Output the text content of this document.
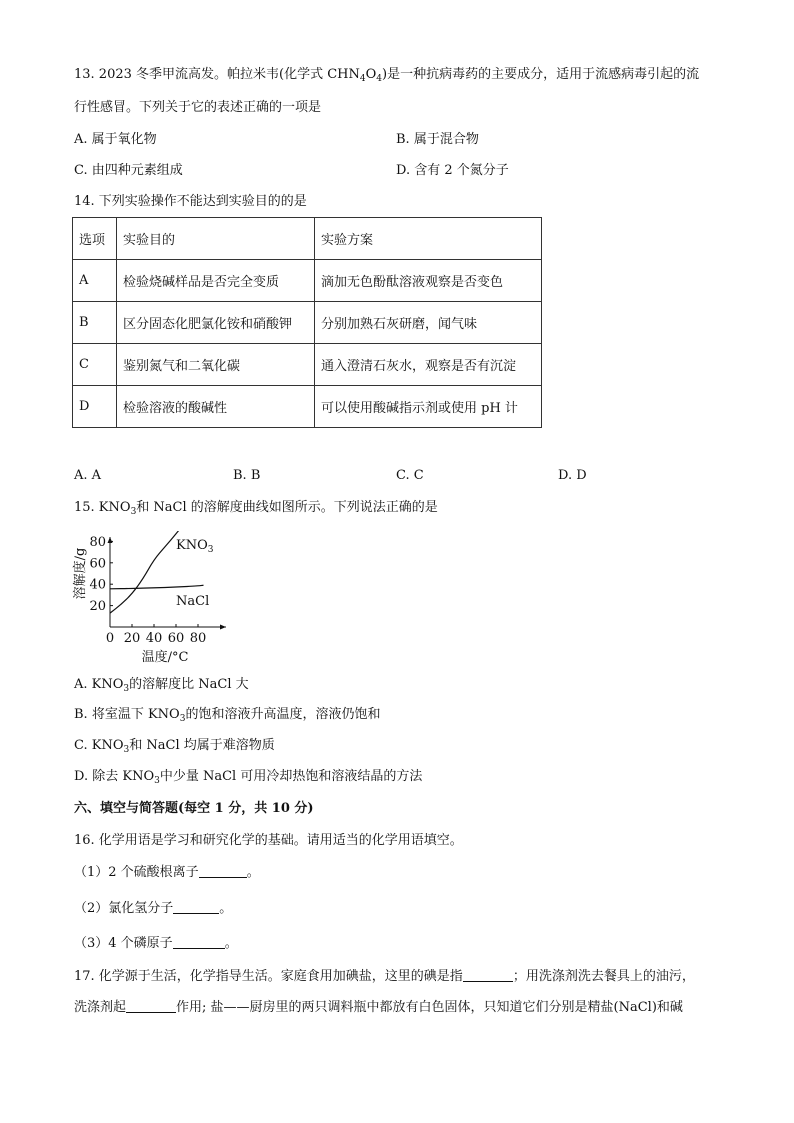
13. 2023 冬季甲流高发。帕拉米韦(化学式 $CHN_4O_4$)是一种抗病毒药的主要成分，适用于流感病毒引起的流
行性感冒。下列关于它的表述正确的一项是
A. 属于氧化物	B. 属于混合物
C. 由四种元素组成	D. 含有 2 个氮分子
14. 下列实验操作不能达到实验目的的是
选项	实验目的	实验方案
A	检验烧碱样品是否完全变质	滴加无色酚酞溶液观察是否变色
B	区分固态化肥氯化铵和硝酸钾	分别加熟石灰研磨，闻气味
C	鉴别氮气和二氧化碳	通入澄清石灰水，观察是否有沉淀
D	检验溶液的酸碱性	可以使用酸碱指示剂或使用 pH 计
A. A	B. B	C. C	D. D
15. $KNO_3$和 NaCl 的溶解度曲线如图所示。下列说法正确的是
0 20 40 60 80
20
40
60
80
温度/°C
溶解度/g
$KNO_3$
NaCl
A. $KNO_3$的溶解度比 NaCl 大
B. 将室温下 $KNO_3$的饱和溶液升高温度，溶液仍饱和
C. $KNO_3$和 NaCl 均属于难溶物质
D. 除去 $KNO_3$中少量 NaCl 可用冷却热饱和溶液结晶的方法
六、填空与简答题(每空 1 分，共 10 分)
16. 化学用语是学习和研究化学的基础。请用适当的化学用语填空。
（1）2 个硫酸根离子	。
（2）氯化氢分子	。
（3）4 个磷原子	。
17. 化学源于生活，化学指导生活。家庭食用加碘盐，这里的碘是指	；用洗涤剂洗去餐具上的油污，
洗涤剂起	作用; 盐——厨房里的两只调料瓶中都放有白色固体，只知道它们分别是精盐(NaCl)和碱
